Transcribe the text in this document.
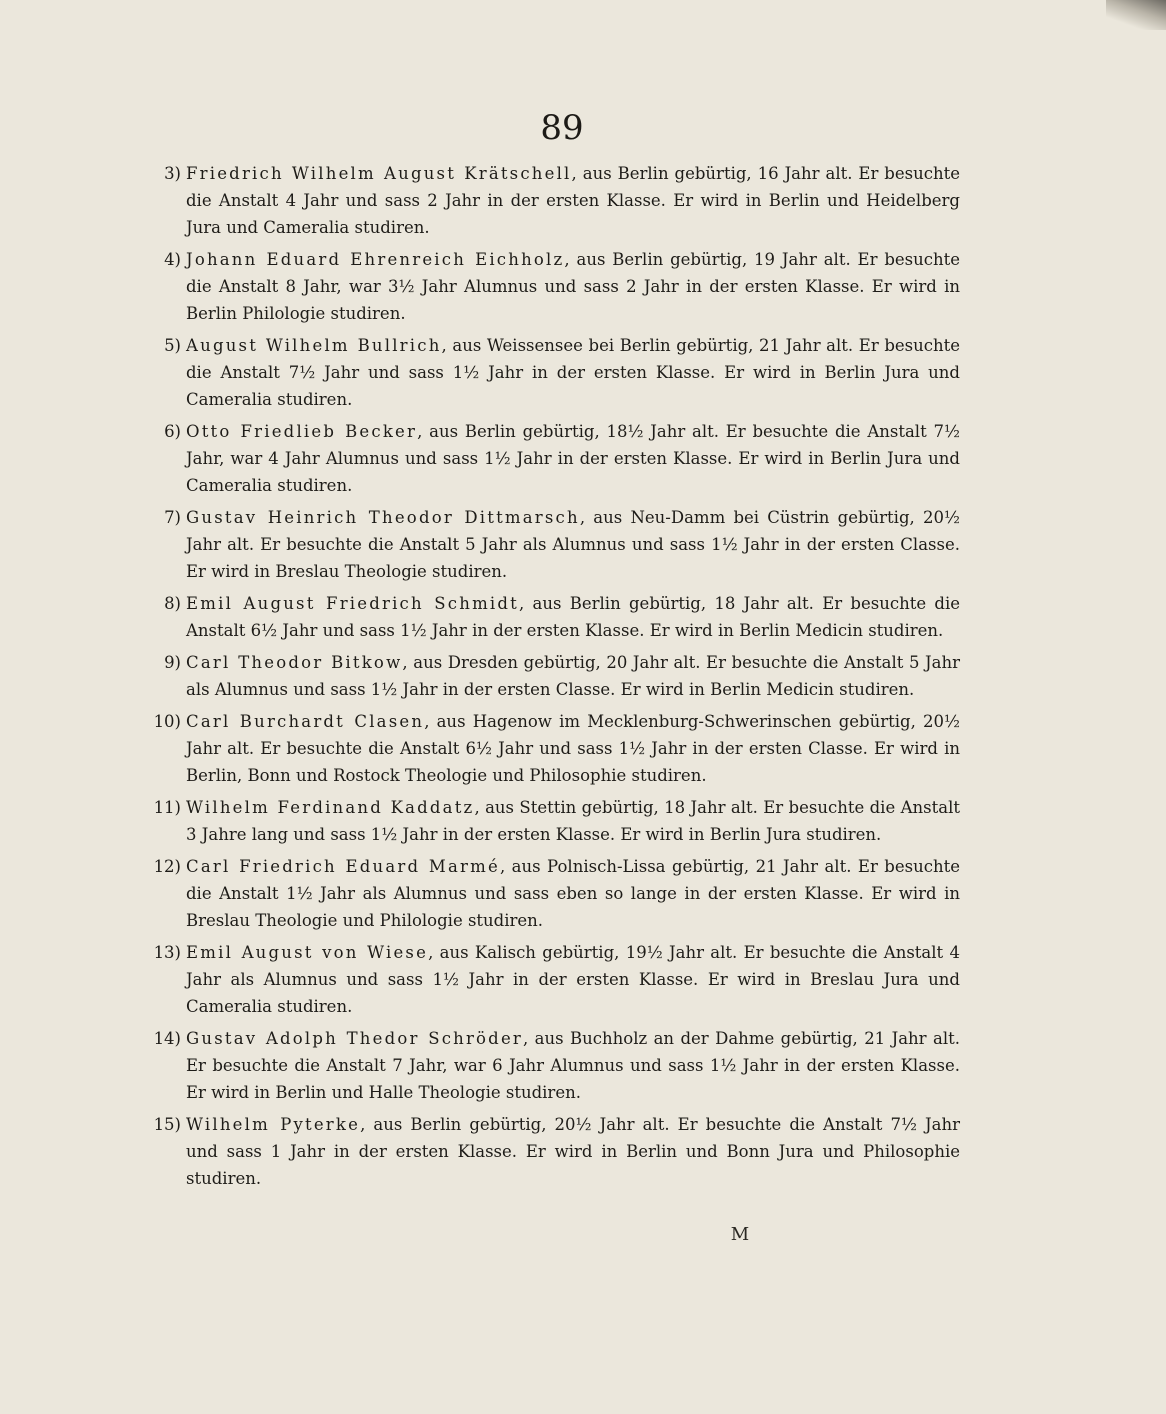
89
3) Friedrich Wilhelm August Krätschell, aus Berlin gebürtig, 16 Jahr alt. Er besuchte die Anstalt 4 Jahr und sass 2 Jahr in der ersten Klasse. Er wird in Berlin und Heidelberg Jura und Cameralia studiren.
4) Johann Eduard Ehrenreich Eichholz, aus Berlin gebürtig, 19 Jahr alt. Er besuchte die Anstalt 8 Jahr, war 3½ Jahr Alumnus und sass 2 Jahr in der ersten Klasse. Er wird in Berlin Philologie studiren.
5) August Wilhelm Bullrich, aus Weissensee bei Berlin gebürtig, 21 Jahr alt. Er besuchte die Anstalt 7½ Jahr und sass 1½ Jahr in der ersten Klasse. Er wird in Berlin Jura und Cameralia studiren.
6) Otto Friedlieb Becker, aus Berlin gebürtig, 18½ Jahr alt. Er besuchte die Anstalt 7½ Jahr, war 4 Jahr Alumnus und sass 1½ Jahr in der ersten Klasse. Er wird in Berlin Jura und Cameralia studiren.
7) Gustav Heinrich Theodor Dittmarsch, aus Neu-Damm bei Cüstrin gebürtig, 20½ Jahr alt. Er besuchte die Anstalt 5 Jahr als Alumnus und sass 1½ Jahr in der ersten Classe. Er wird in Breslau Theologie studiren.
8) Emil August Friedrich Schmidt, aus Berlin gebürtig, 18 Jahr alt. Er besuchte die Anstalt 6½ Jahr und sass 1½ Jahr in der ersten Klasse. Er wird in Berlin Medicin studiren.
9) Carl Theodor Bitkow, aus Dresden gebürtig, 20 Jahr alt. Er besuchte die Anstalt 5 Jahr als Alumnus und sass 1½ Jahr in der ersten Classe. Er wird in Berlin Medicin studiren.
10) Carl Burchardt Clasen, aus Hagenow im Mecklenburg-Schwerinschen gebürtig, 20½ Jahr alt. Er besuchte die Anstalt 6½ Jahr und sass 1½ Jahr in der ersten Classe. Er wird in Berlin, Bonn und Rostock Theologie und Philosophie studiren.
11) Wilhelm Ferdinand Kaddatz, aus Stettin gebürtig, 18 Jahr alt. Er besuchte die Anstalt 3 Jahre lang und sass 1½ Jahr in der ersten Klasse. Er wird in Berlin Jura studiren.
12) Carl Friedrich Eduard Marmé, aus Polnisch-Lissa gebürtig, 21 Jahr alt. Er besuchte die Anstalt 1½ Jahr als Alumnus und sass eben so lange in der ersten Klasse. Er wird in Breslau Theologie und Philologie studiren.
13) Emil August von Wiese, aus Kalisch gebürtig, 19½ Jahr alt. Er besuchte die Anstalt 4 Jahr als Alumnus und sass 1½ Jahr in der ersten Klasse. Er wird in Breslau Jura und Cameralia studiren.
14) Gustav Adolph Thedor Schröder, aus Buchholz an der Dahme gebürtig, 21 Jahr alt. Er besuchte die Anstalt 7 Jahr, war 6 Jahr Alumnus und sass 1½ Jahr in der ersten Klasse. Er wird in Berlin und Halle Theologie studiren.
15) Wilhelm Pyterke, aus Berlin gebürtig, 20½ Jahr alt. Er besuchte die Anstalt 7½ Jahr und sass 1 Jahr in der ersten Klasse. Er wird in Berlin und Bonn Jura und Philosophie studiren.
M
